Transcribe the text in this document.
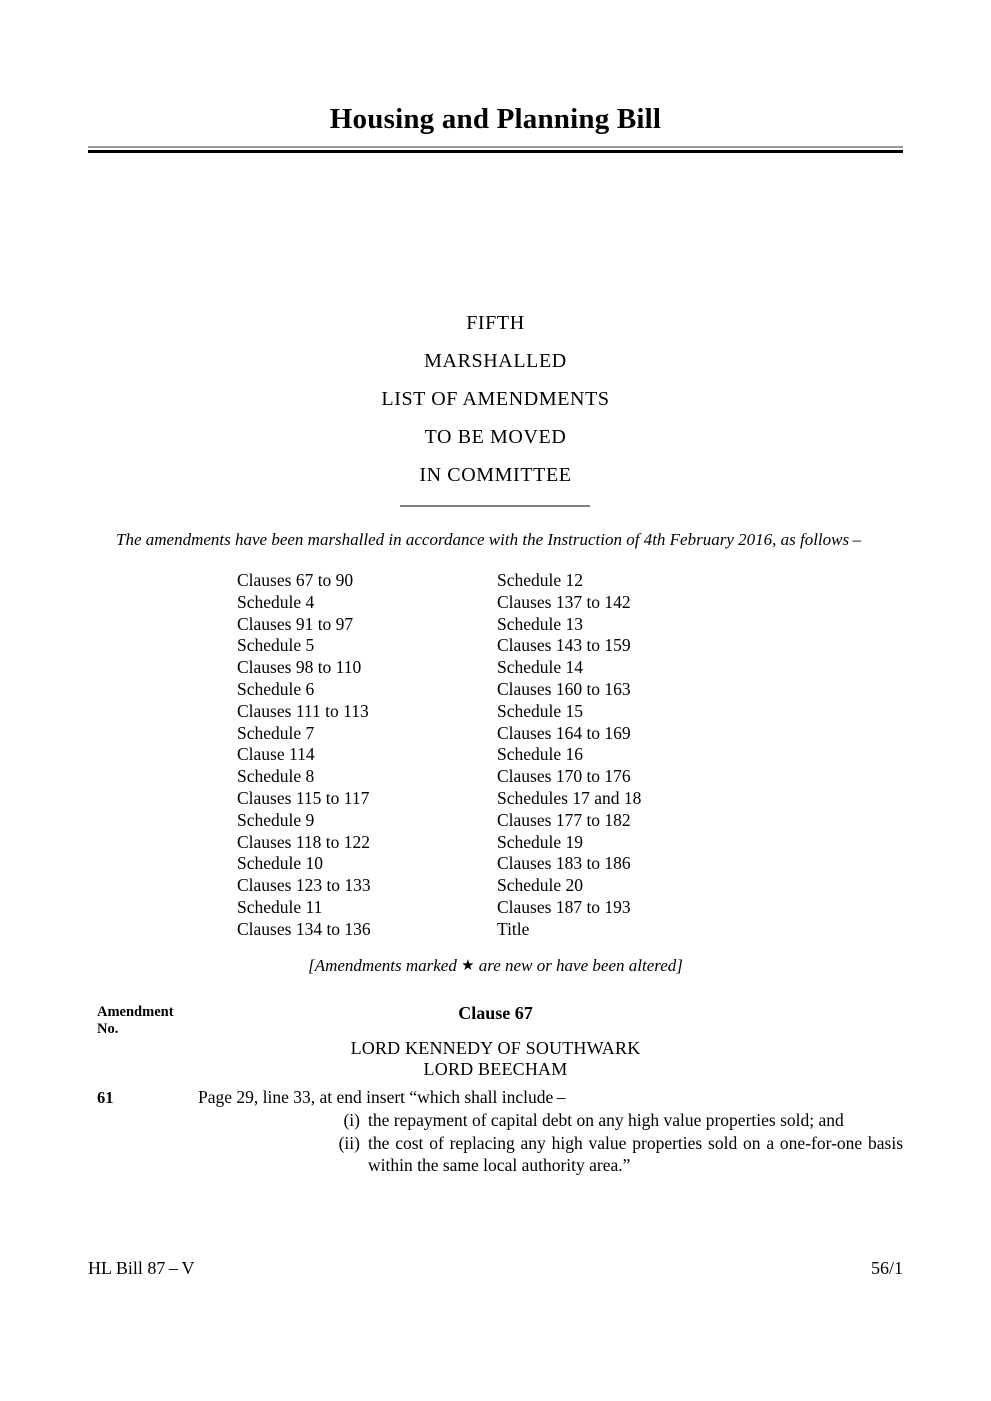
Housing and Planning Bill
FIFTH
MARSHALLED
LIST OF AMENDMENTS
TO BE MOVED
IN COMMITTEE
The amendments have been marshalled in accordance with the Instruction of 4th February 2016, as follows –
Clauses 67 to 90
Schedule 4
Clauses 91 to 97
Schedule 5
Clauses 98 to 110
Schedule 6
Clauses 111 to 113
Schedule 7
Clause 114
Schedule 8
Clauses 115 to 117
Schedule 9
Clauses 118 to 122
Schedule 10
Clauses 123 to 133
Schedule 11
Clauses 134 to 136
Schedule 12
Clauses 137 to 142
Schedule 13
Clauses 143 to 159
Schedule 14
Clauses 160 to 163
Schedule 15
Clauses 164 to 169
Schedule 16
Clauses 170 to 176
Schedules 17 and 18
Clauses 177 to 182
Schedule 19
Clauses 183 to 186
Schedule 20
Clauses 187 to 193
Title
[Amendments marked ★ are new or have been altered]
Amendment
No.
Clause 67
LORD KENNEDY OF SOUTHWARK
LORD BEECHAM
61	Page 29, line 33, at end insert “which shall include –
(i) the repayment of capital debt on any high value properties sold; and
(ii) the cost of replacing any high value properties sold on a one-for-one basis within the same local authority area.”
HL Bill 87 – V	56/1
